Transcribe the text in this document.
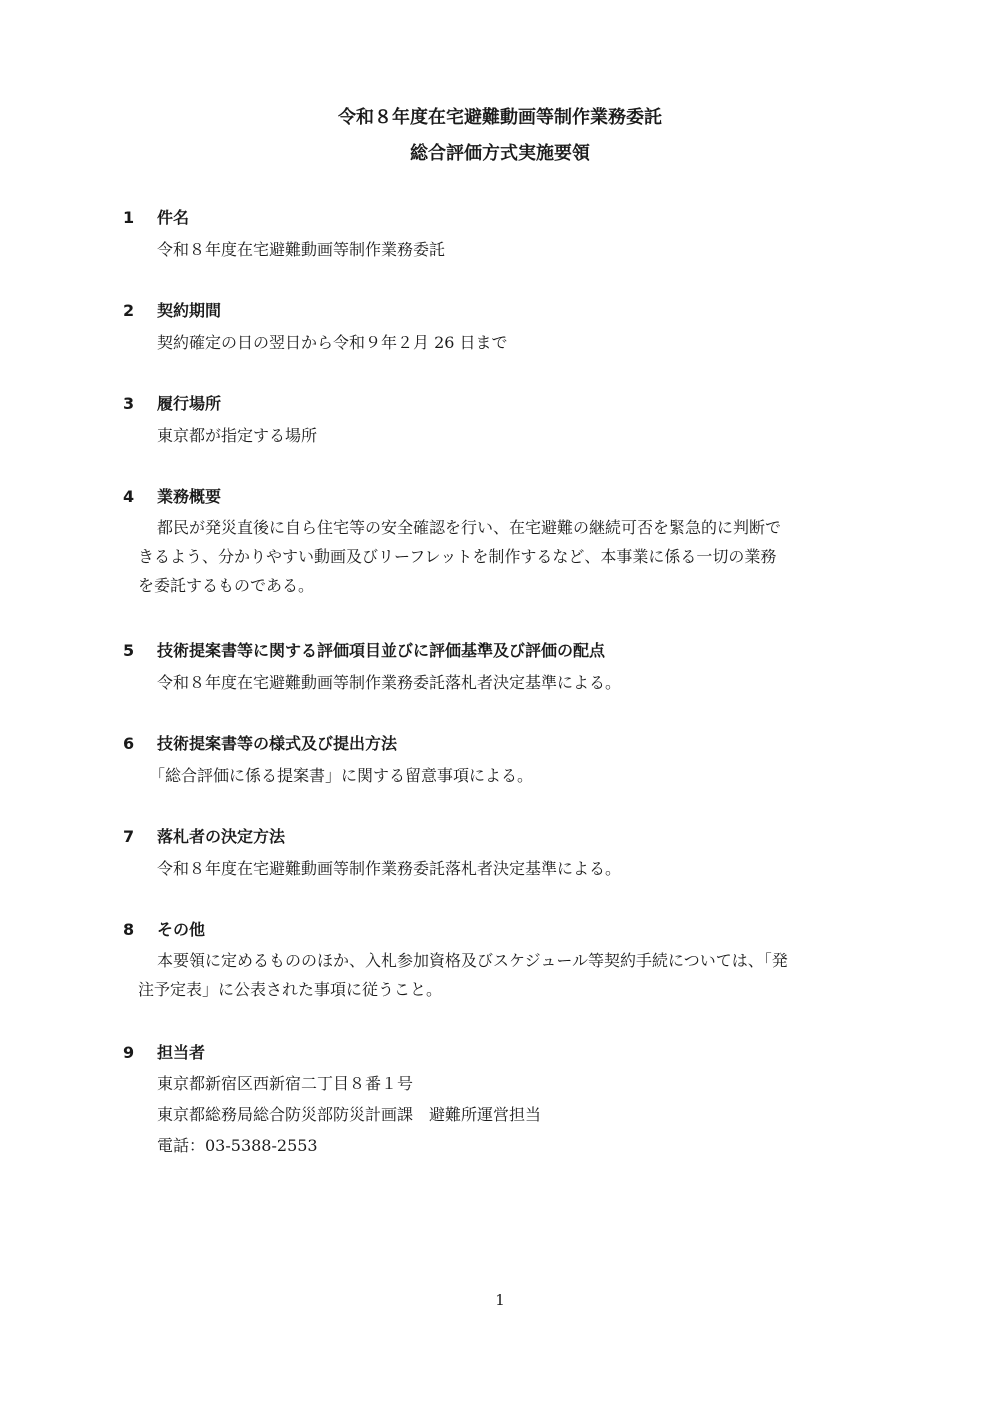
令和８年度在宅避難動画等制作業務委託
総合評価方式実施要領
1 件名
令和８年度在宅避難動画等制作業務委託
2 契約期間
契約確定の日の翌日から令和９年２月 26 日まで
3 履行場所
東京都が指定する場所
4 業務概要
都民が発災直後に自ら住宅等の安全確認を行い、在宅避難の継続可否を緊急的に判断で
きるよう、分かりやすい動画及びリーフレットを制作するなど、本事業に係る一切の業務
を委託するものである。
5 技術提案書等に関する評価項目並びに評価基準及び評価の配点
令和８年度在宅避難動画等制作業務委託落札者決定基準による。
6 技術提案書等の様式及び提出方法
「総合評価に係る提案書」に関する留意事項による。
7 落札者の決定方法
令和８年度在宅避難動画等制作業務委託落札者決定基準による。
8 その他
本要領に定めるもののほか、入札参加資格及びスケジュール等契約手続については、「発
注予定表」に公表された事項に従うこと。
9 担当者
東京都新宿区西新宿二丁目８番１号
東京都総務局総合防災部防災計画課　避難所運営担当
電話：03‐5388‐2553
1
